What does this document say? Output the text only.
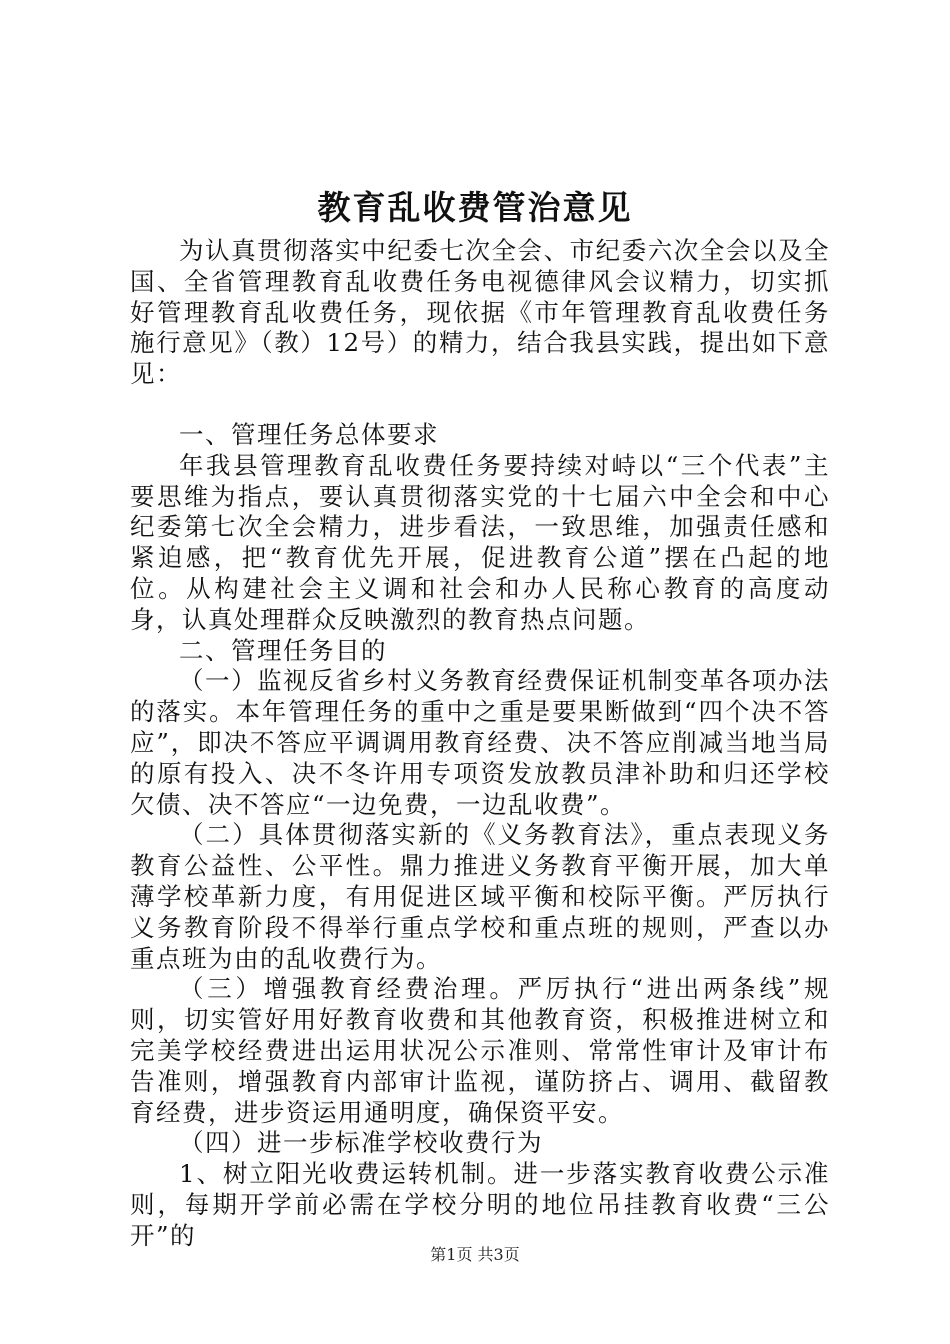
教育乱收费管治意见

为认真贯彻落实中纪委七次全会、市纪委六次全会以及全国、全省管理教育乱收费任务电视德律风会议精力，切实抓好管理教育乱收费任务，现依据《市年管理教育乱收费任务施行意见》（教）12号）的精力，结合我县实践，提出如下意见：

一、管理任务总体要求

年我县管理教育乱收费任务要持续对峙以“三个代表”主要思维为指点，要认真贯彻落实党的十七届六中全会和中心纪委第七次全会精力，进步看法，一致思维，加强责任感和紧迫感，把“教育优先开展，促进教育公道”摆在凸起的地位。从构建社会主义调和社会和办人民称心教育的高度动身，认真处理群众反映激烈的教育热点问题。

二、管理任务目的

（一）监视反省乡村义务教育经费保证机制变革各项办法的落实。本年管理任务的重中之重是要果断做到“四个决不答应”，即决不答应平调调用教育经费、决不答应削减当地当局的原有投入、决不冬许用专项资发放教员津补助和归还学校欠债、决不答应“一边免费，一边乱收费”。

（二）具体贯彻落实新的《义务教育法》，重点表现义务教育公益性、公平性。鼎力推进义务教育平衡开展，加大单薄学校革新力度，有用促进区域平衡和校际平衡。严厉执行义务教育阶段不得举行重点学校和重点班的规则，严查以办重点班为由的乱收费行为。

（三）增强教育经费治理。严厉执行“进出两条线”规则，切实管好用好教育收费和其他教育资，积极推进树立和完美学校经费进出运用状况公示准则、常常性审计及审计布告准则，增强教育内部审计监视，谨防挤占、调用、截留教育经费，进步资运用通明度，确保资平安。

（四）进一步标准学校收费行为

1、树立阳光收费运转机制。进一步落实教育收费公示准则，每期开学前必需在学校分明的地位吊挂教育收费“三公开”的

第1页 共3页
